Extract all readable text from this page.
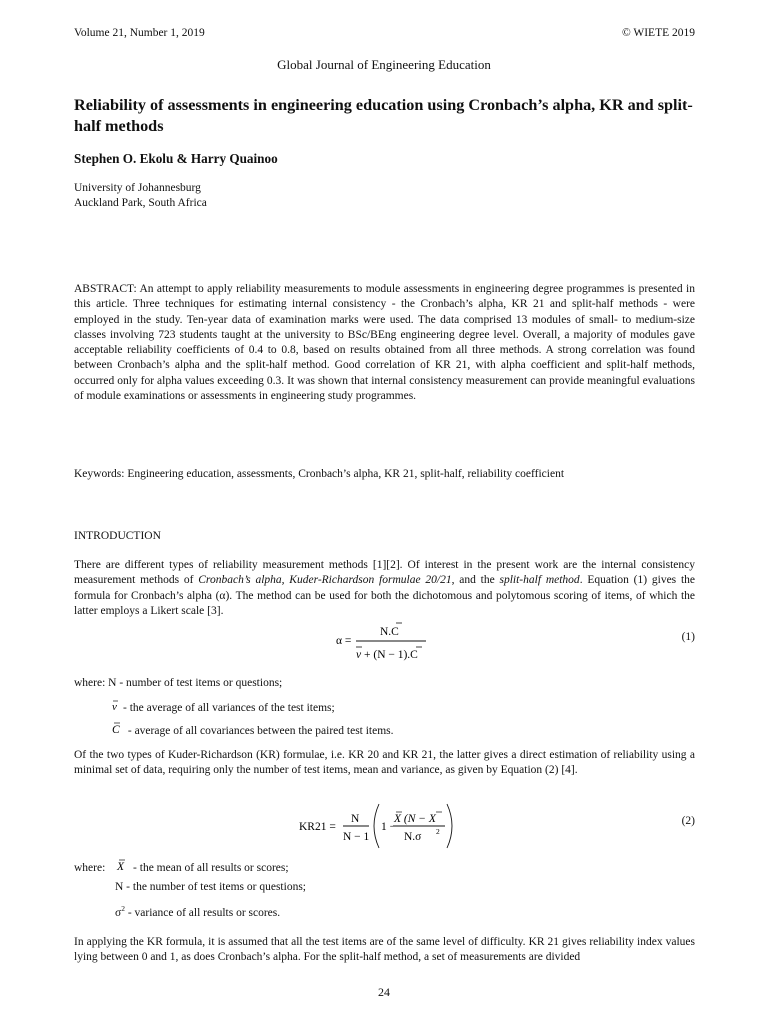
Volume 21, Number 1, 2019	© WIETE 2019
Global Journal of Engineering Education
Reliability of assessments in engineering education using Cronbach’s alpha, KR and split-half methods
Stephen O. Ekolu & Harry Quainoo
University of Johannesburg
Auckland Park, South Africa
ABSTRACT: An attempt to apply reliability measurements to module assessments in engineering degree programmes is presented in this article. Three techniques for estimating internal consistency - the Cronbach’s alpha, KR 21 and split-half methods - were employed in the study. Ten-year data of examination marks were used. The data comprised 13 modules of small- to medium-size classes involving 723 students taught at the university to BSc/BEng engineering degree level. Overall, a majority of modules gave acceptable reliability coefficients of 0.4 to 0.8, based on results obtained from all three methods. A strong correlation was found between Cronbach’s alpha and the split-half method. Good correlation of KR 21, with alpha coefficient and split-half methods, occurred only for alpha values exceeding 0.3. It was shown that internal consistency measurement can provide meaningful evaluations of module examinations or assessments in engineering study programmes.
Keywords: Engineering education, assessments, Cronbach’s alpha, KR 21, split-half, reliability coefficient
INTRODUCTION
There are different types of reliability measurement methods [1][2]. Of interest in the present work are the internal consistency measurement methods of Cronbach’s alpha, Kuder-Richardson formulae 20/21, and the split-half method. Equation (1) gives the formula for Cronbach’s alpha (α). The method can be used for both the dichotomous and polytomous scoring of items, of which the latter employs a Likert scale [3].
α =
N.C
ν + (N − 1).C
(1)
where: N - number of test items or questions;
ν - the average of all variances of the test items;
C - average of all covariances between the paired test items.
Of the two types of Kuder-Richardson (KR) formulae, i.e. KR 20 and KR 21, the latter gives a direct estimation of reliability using a minimal set of data, requiring only the number of test items, mean and variance, as given by Equation (2) [4].
KR21 =
N
N − 1
1 −
X (N − X
N.σ 2
(2)
where: X - the mean of all results or scores;
N - the number of test items or questions;
$\sigma^2$ - variance of all results or scores.
In applying the KR formula, it is assumed that all the test items are of the same level of difficulty. KR 21 gives reliability index values lying between 0 and 1, as does Cronbach’s alpha. For the split-half method, a set of measurements are divided
24
